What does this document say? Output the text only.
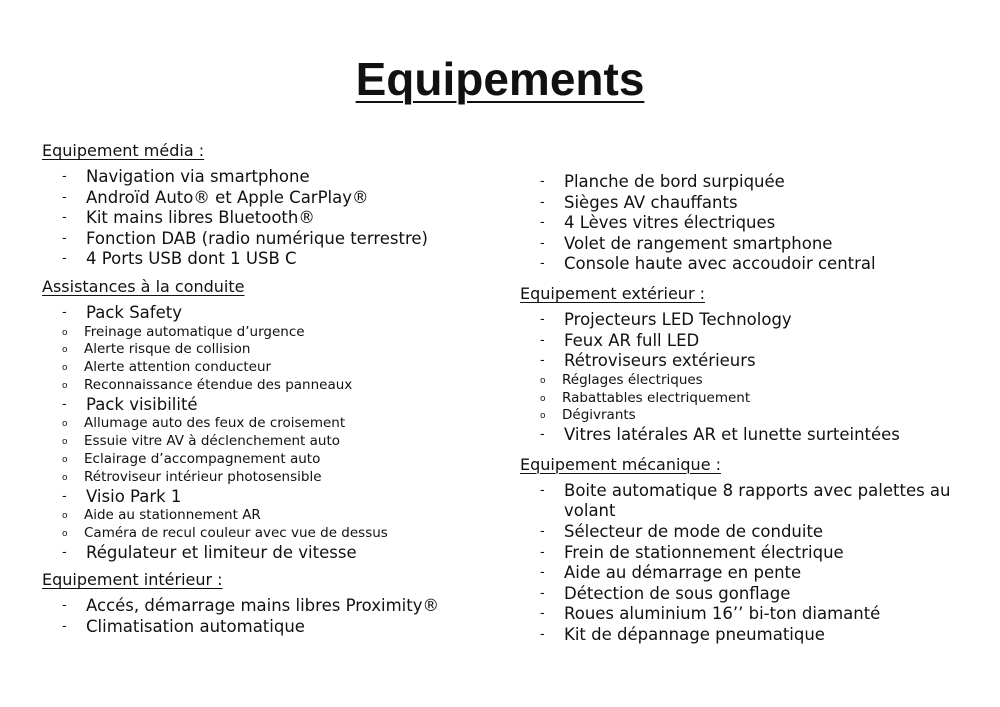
Equipements
Equipement média :
- Navigation via smartphone
- Androïd Auto® et Apple CarPlay®
- Kit mains libres Bluetooth®
- Fonction DAB (radio numérique terrestre)
- 4 Ports USB dont 1 USB C
Assistances à la conduite
- Pack Safety
o Freinage automatique d’urgence
o Alerte risque de collision
o Alerte attention conducteur
o Reconnaissance étendue des panneaux
- Pack visibilité
o Allumage auto des feux de croisement
o Essuie vitre AV à déclenchement auto
o Eclairage d’accompagnement auto
o Rétroviseur intérieur photosensible
- Visio Park 1
o Aide au stationnement AR
o Caméra de recul couleur avec vue de dessus
- Régulateur et limiteur de vitesse
Equipement intérieur :
- Accés, démarrage mains libres Proximity®
- Climatisation automatique
- Planche de bord surpiquée
- Sièges AV chauffants
- 4 Lèves vitres électriques
- Volet de rangement smartphone
- Console haute avec accoudoir central
Equipement extérieur :
- Projecteurs LED Technology
- Feux AR full LED
- Rétroviseurs extérieurs
o Réglages électriques
o Rabattables electriquement
o Dégivrants
- Vitres latérales AR et lunette surteintées
Equipement mécanique :
- Boite automatique 8 rapports avec palettes au volant
- Sélecteur de mode de conduite
- Frein de stationnement électrique
- Aide au démarrage en pente
- Détection de sous gonflage
- Roues aluminium 16’’ bi-ton diamanté
- Kit de dépannage pneumatique
